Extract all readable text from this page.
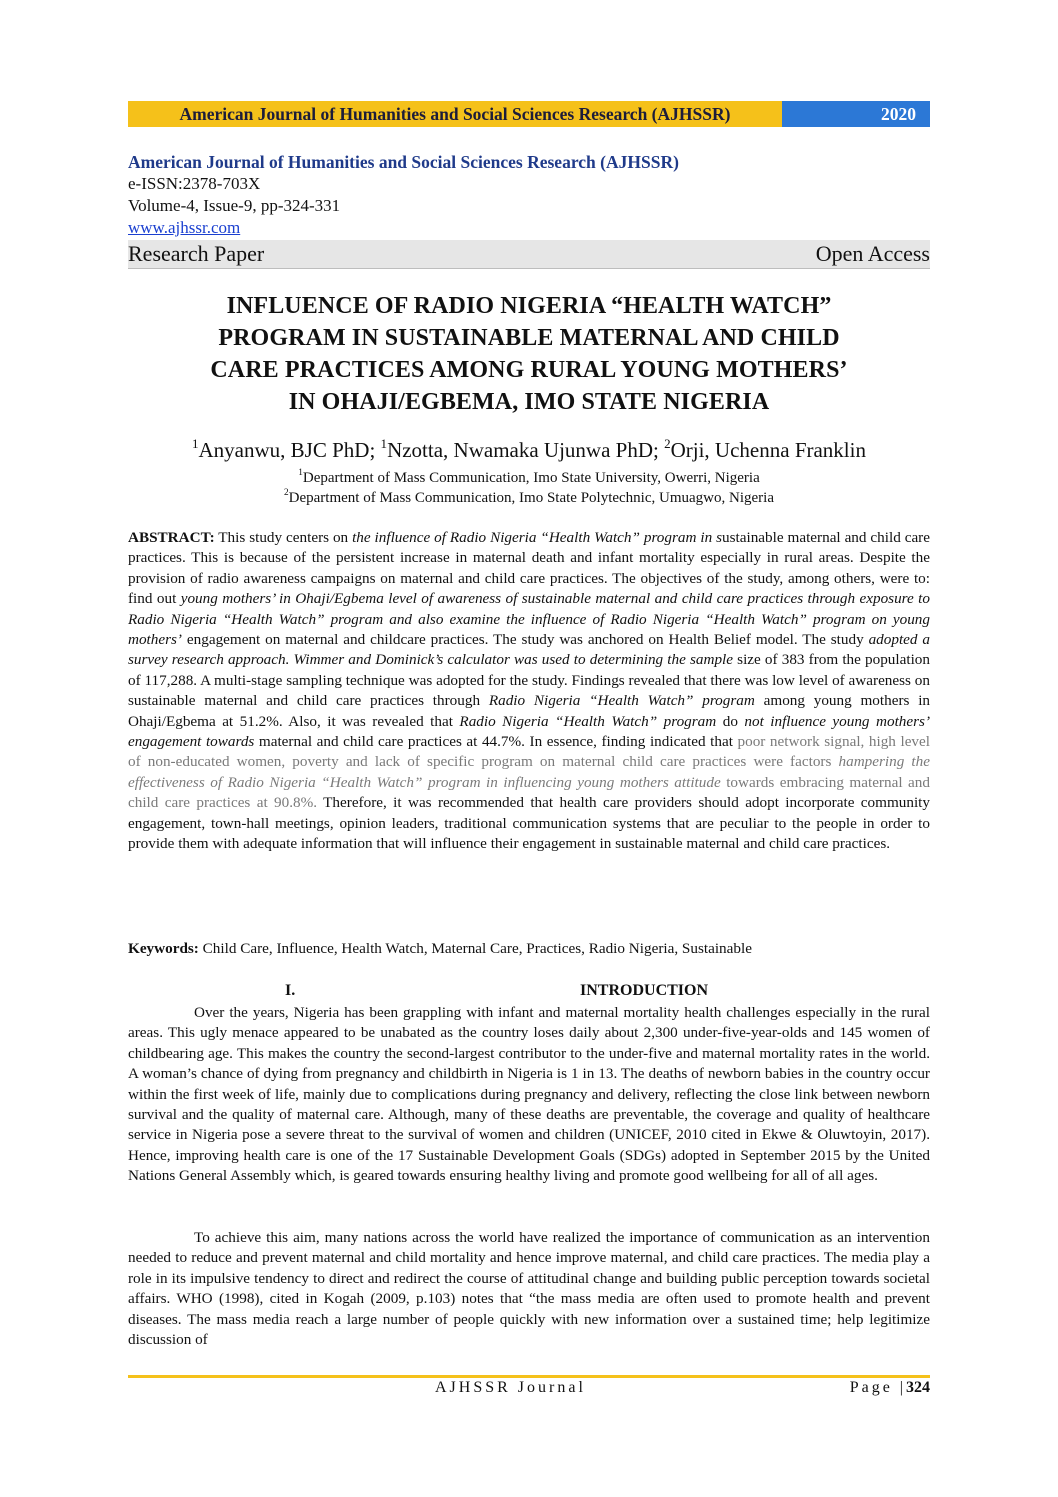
American Journal of Humanities and Social Sciences Research (AJHSSR)	2020
American Journal of Humanities and Social Sciences Research (AJHSSR)
e-ISSN:2378-703X
Volume-4, Issue-9, pp-324-331
www.ajhssr.com
Research Paper	Open Access
INFLUENCE OF RADIO NIGERIA “HEALTH WATCH”
PROGRAM IN SUSTAINABLE MATERNAL AND CHILD
CARE PRACTICES AMONG RURAL YOUNG MOTHERS’
IN OHAJI/EGBEMA, IMO STATE NIGERIA
$^1$Anyanwu, BJC PhD; $^1$Nzotta, Nwamaka Ujunwa PhD; $^2$Orji, Uchenna Franklin
$^1$Department of Mass Communication, Imo State University, Owerri, Nigeria
$^2$Department of Mass Communication, Imo State Polytechnic, Umuagwo, Nigeria
ABSTRACT: This study centers on the influence of Radio Nigeria “Health Watch” program in sustainable maternal and child care practices. This is because of the persistent increase in maternal death and infant mortality especially in rural areas. Despite the provision of radio awareness campaigns on maternal and child care practices. The objectives of the study, among others, were to: find out young mothers’ in Ohaji/Egbema level of awareness of sustainable maternal and child care practices through exposure to Radio Nigeria “Health Watch” program and also examine the influence of Radio Nigeria “Health Watch” program on young mothers’ engagement on maternal and childcare practices. The study was anchored on Health Belief model. The study adopted a survey research approach. Wimmer and Dominick’s calculator was used to determining the sample size of 383 from the population of 117,288. A multi-stage sampling technique was adopted for the study. Findings revealed that there was low level of awareness on sustainable maternal and child care practices through Radio Nigeria “Health Watch” program among young mothers in Ohaji/Egbema at 51.2%. Also, it was revealed that Radio Nigeria “Health Watch” program do not influence young mothers’ engagement towards maternal and child care practices at 44.7%. In essence, finding indicated that poor network signal, high level of non-educated women, poverty and lack of specific program on maternal child care practices were factors hampering the effectiveness of Radio Nigeria “Health Watch” program in influencing young mothers attitude towards embracing maternal and child care practices at 90.8%. Therefore, it was recommended that health care providers should adopt incorporate community engagement, town-hall meetings, opinion leaders, traditional communication systems that are peculiar to the people in order to provide them with adequate information that will influence their engagement in sustainable maternal and child care practices.
Keywords: Child Care, Influence, Health Watch, Maternal Care, Practices, Radio Nigeria, Sustainable
I.	INTRODUCTION
Over the years, Nigeria has been grappling with infant and maternal mortality health challenges especially in the rural areas. This ugly menace appeared to be unabated as the country loses daily about 2,300 under-five-year-olds and 145 women of childbearing age. This makes the country the second-largest contributor to the under-five and maternal mortality rates in the world. A woman’s chance of dying from pregnancy and childbirth in Nigeria is 1 in 13. The deaths of newborn babies in the country occur within the first week of life, mainly due to complications during pregnancy and delivery, reflecting the close link between newborn survival and the quality of maternal care. Although, many of these deaths are preventable, the coverage and quality of healthcare service in Nigeria pose a severe threat to the survival of women and children (UNICEF, 2010 cited in Ekwe & Oluwtoyin, 2017). Hence, improving health care is one of the 17 Sustainable Development Goals (SDGs) adopted in September 2015 by the United Nations General Assembly which, is geared towards ensuring healthy living and promote good wellbeing for all of all ages.
To achieve this aim, many nations across the world have realized the importance of communication as an intervention needed to reduce and prevent maternal and child mortality and hence improve maternal, and child care practices. The media play a role in its impulsive tendency to direct and redirect the course of attitudinal change and building public perception towards societal affairs. WHO (1998), cited in Kogah (2009, p.103) notes that “the mass media are often used to promote health and prevent diseases. The mass media reach a large number of people quickly with new information over a sustained time; help legitimize discussion of
AJHSSR Journal	Page |324
